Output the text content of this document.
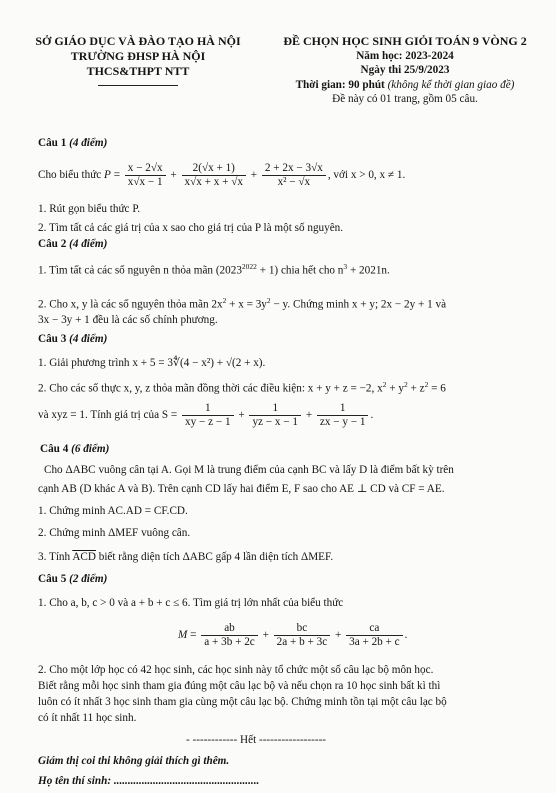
SỞ GIÁO DỤC VÀ ĐÀO TẠO HÀ NỘI
TRƯỜNG ĐHSP HÀ NỘI
THCS&THPT NTT
ĐỀ CHỌN HỌC SINH GIỎI TOÁN 9 VÒNG 2
Năm học: 2023-2024
Ngày thi 25/9/2023
Thời gian: 90 phút (không kể thời gian giao đề)
Đề này có 01 trang, gồm 05 câu.
Câu 1 (4 điểm)
Cho biểu thức $P = \frac{x - 2√x}{x√x - 1} + \frac{2(√x + 1)}{x√x + x + √x} + \frac{2 + 2x - 3√x}{\text{x² − √x}}$ , với x > 0, x ≠ 1.
1. Rút gọn biểu thức P.
2. Tìm tất cả các giá trị của x sao cho giá trị của P là một số nguyên.
Câu 2 (4 điểm)
1. Tìm tất cả các số nguyên n thỏa mãn $(2023^{2022} + 1)$ chia hết cho $n^3 + 2021n$.
2. Cho x, y là các số nguyên thỏa mãn $2x^2 + x = 3y^2 - y$. Chứng minh x + y; 2x − 2y + 1 và
3x − 3y + 1 đều là các số chính phương.
Câu 3 (4 điểm)
1. Giải phương trình x + 5 = 3∜(4 − x²) + √(2 + x).
2. Cho các số thực x, y, z thỏa mãn đồng thời các điều kiện: x + y + z = −2, $x^2 + y^2 + z^2 = 6$
và xyz = 1. Tính giá trị của $S = \frac{1}{xy - z - 1} + \frac{1}{yz - x - 1} + \frac{1}{zx - y - 1}$ .
Câu 4 (6 điểm)
Cho ΔABC vuông cân tại A. Gọi M là trung điểm của cạnh BC và lấy D là điểm bất kỳ trên
cạnh AB (D khác A và B). Trên cạnh CD lấy hai điểm E, F sao cho AE ⊥ CD và CF = AE.
1. Chứng minh AC.AD = CF.CD.
2. Chứng minh ΔMEF vuông cân.
3. Tính $\overline{ACD}$ biết rằng diện tích ΔABC gấp 4 lần diện tích ΔMEF.
Câu 5 (2 điểm)
1. Cho a, b, c > 0 và a + b + c ≤ 6. Tìm giá trị lớn nhất của biểu thức
$M = \frac{ab}{a + 3b + 2c} + \frac{bc}{2a + b + 3c} + \frac{ca}{3a + 2b + c}$ .
2. Cho một lớp học có 42 học sinh, các học sinh này tổ chức một số câu lạc bộ môn học.
Biết rằng mỗi học sinh tham gia đúng một câu lạc bộ và nếu chọn ra 10 học sinh bất kì thì
luôn có ít nhất 3 học sinh tham gia cùng một câu lạc bộ. Chứng minh tồn tại một câu lạc bộ
có ít nhất 11 học sinh.
- ------------ Hết ------------------
Giám thị coi thi không giải thích gì thêm.
Họ tên thí sinh: ....................................................
